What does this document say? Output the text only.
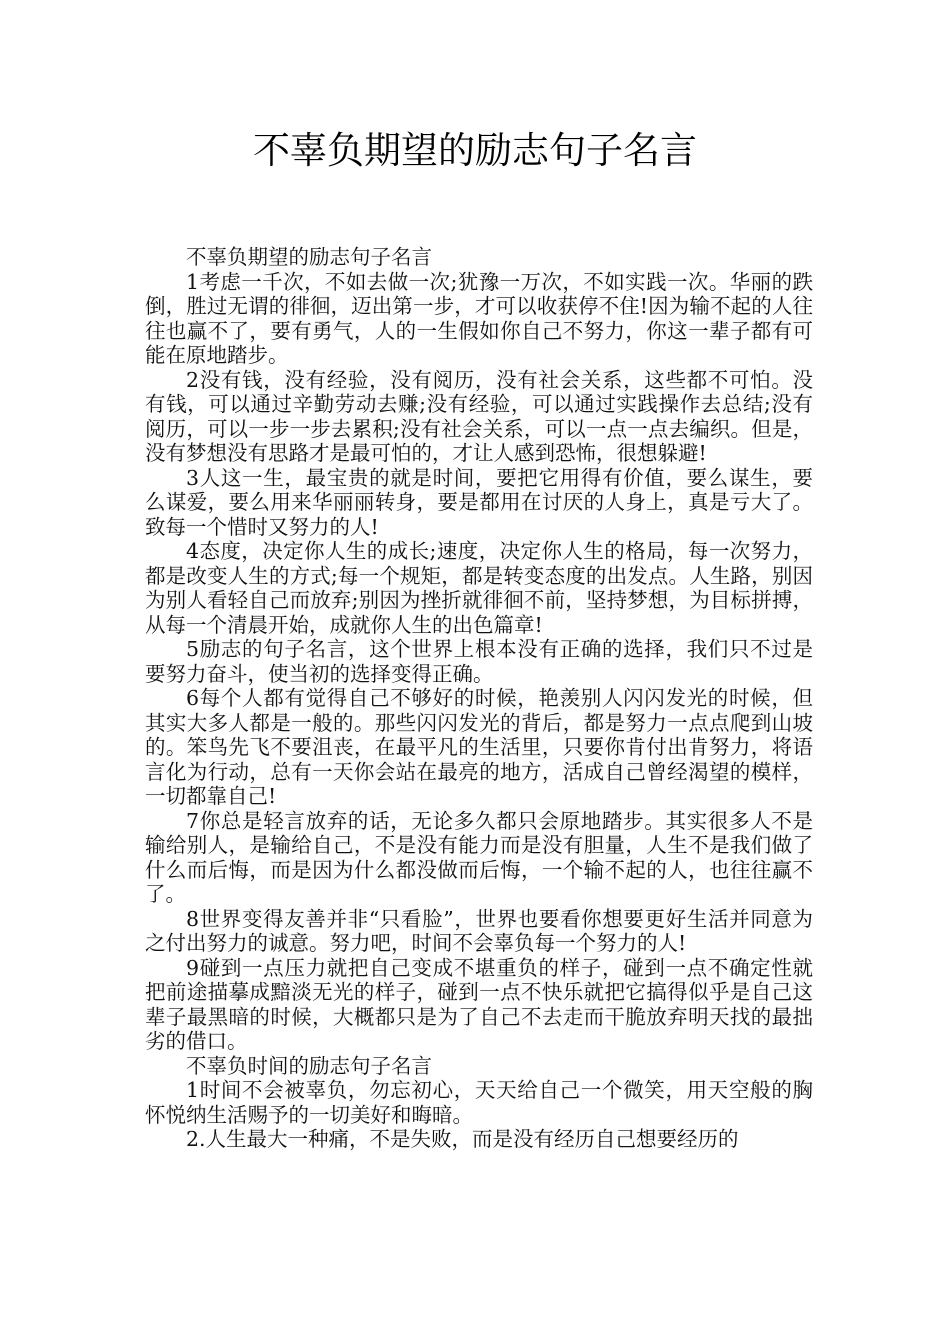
不辜负期望的励志句子名言

不辜负期望的励志句子名言

1考虑一千次，不如去做一次;犹豫一万次，不如实践一次。华丽的跌倒，胜过无谓的徘徊，迈出第一步，才可以收获停不住!因为输不起的人往往也赢不了，要有勇气，人的一生假如你自己不努力，你这一辈子都有可能在原地踏步。

2没有钱，没有经验，没有阅历，没有社会关系，这些都不可怕。没有钱，可以通过辛勤劳动去赚;没有经验，可以通过实践操作去总结;没有阅历，可以一步一步去累积;没有社会关系，可以一点一点去编织。但是，没有梦想没有思路才是最可怕的，才让人感到恐怖，很想躲避!

3人这一生，最宝贵的就是时间，要把它用得有价值，要么谋生，要么谋爱，要么用来华丽丽转身，要是都用在讨厌的人身上，真是亏大了。致每一个惜时又努力的人!

4态度，决定你人生的成长;速度，决定你人生的格局，每一次努力，都是改变人生的方式;每一个规矩，都是转变态度的出发点。人生路，别因为别人看轻自己而放弃;别因为挫折就徘徊不前，坚持梦想，为目标拼搏，从每一个清晨开始，成就你人生的出色篇章!

5励志的句子名言，这个世界上根本没有正确的选择，我们只不过是要努力奋斗，使当初的选择变得正确。

6每个人都有觉得自己不够好的时候，艳羡别人闪闪发光的时候，但其实大多人都是一般的。那些闪闪发光的背后，都是努力一点点爬到山坡的。笨鸟先飞不要沮丧，在最平凡的生活里，只要你肯付出肯努力，将语言化为行动，总有一天你会站在最亮的地方，活成自己曾经渴望的模样，一切都靠自己!

7你总是轻言放弃的话，无论多久都只会原地踏步。其实很多人不是输给别人，是输给自己，不是没有能力而是没有胆量，人生不是我们做了什么而后悔，而是因为什么都没做而后悔，一个输不起的人，也往往赢不了。

8世界变得友善并非“只看脸”，世界也要看你想要更好生活并同意为之付出努力的诚意。努力吧，时间不会辜负每一个努力的人!

9碰到一点压力就把自己变成不堪重负的样子，碰到一点不确定性就把前途描摹成黯淡无光的样子，碰到一点不快乐就把它搞得似乎是自己这辈子最黑暗的时候，大概都只是为了自己不去走而干脆放弃明天找的最拙劣的借口。

不辜负时间的励志句子名言

1时间不会被辜负，勿忘初心，天天给自己一个微笑，用天空般的胸怀悦纳生活赐予的一切美好和晦暗。

2.人生最大一种痛，不是失败，而是没有经历自己想要经历的
